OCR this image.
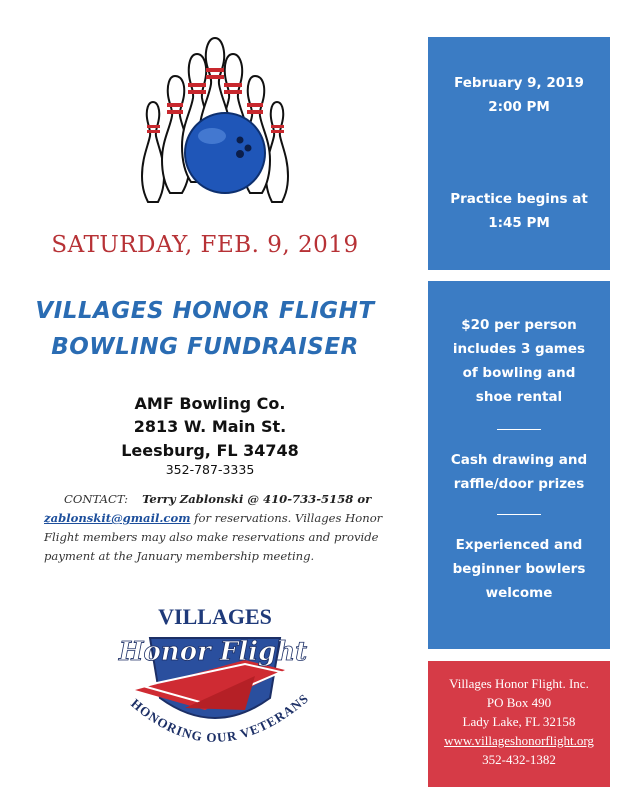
SATURDAY, FEB. 9, 2019
VILLAGES HONOR FLIGHT
BOWLING FUNDRAISER
AMF Bowling Co.
2813 W. Main St.
Leesburg, FL 34748
352-787-3335
CONTACT: Terry Zablonski @ 410-733-5158 or
zablonskit@gmail.com for reservations. Villages Honor Flight members may also make reservations and provide payment at the January membership meeting.
VILLAGES
Honor Flight
HONORING OUR VETERANS
February 9, 2019
2:00 PM
Practice begins at
1:45 PM
$20 per person
includes 3 games
of bowling and
shoe rental
Cash drawing and
raffle/door prizes
Experienced and
beginner bowlers
welcome
Villages Honor Flight. Inc.
PO Box 490
Lady Lake, FL 32158
www.villageshonorflight.org
352-432-1382
